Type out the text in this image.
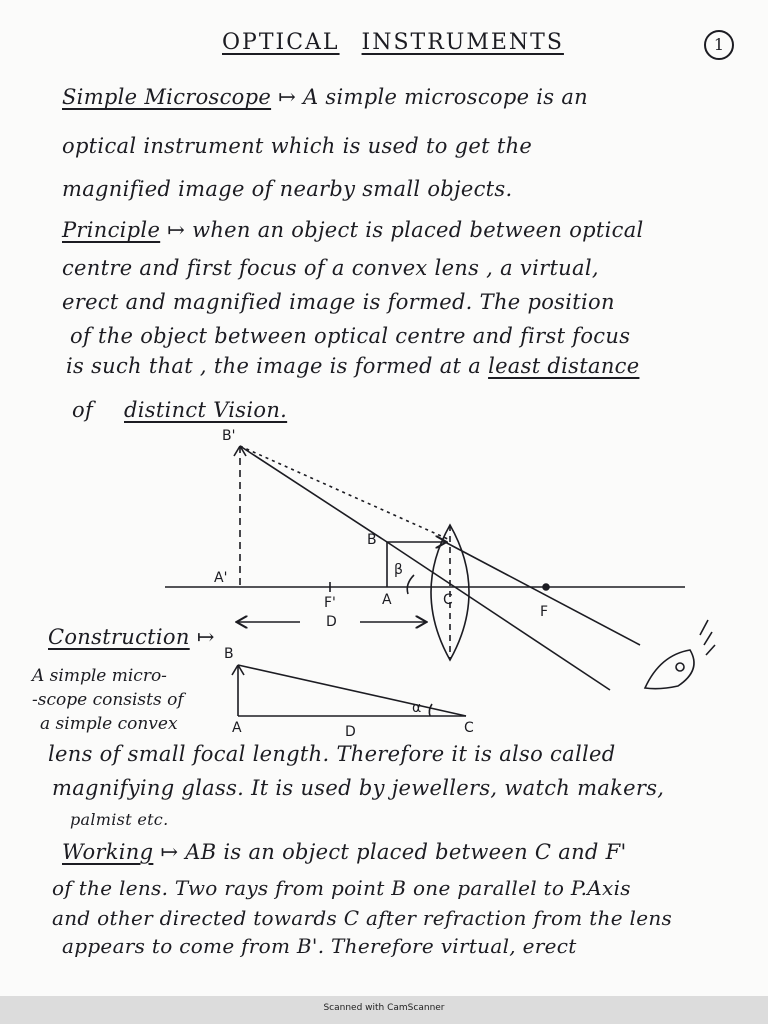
OPTICAL INSTRUMENTS	1
Simple Microscope ↦ A simple microscope is an
optical instrument which is used to get the
magnified image of nearby small objects.
Principle ↦ when an object is placed between optical
centre and first focus of a convex lens , a virtual,
erect and magnified image is formed. The position
of the object between optical centre and first focus
is such that , the image is formed at a least distance
of distinct Vision.
B'
A'
B
A
β
C
F'
F
D
B
A	C
D
α
Construction ↦
A simple micro-
-scope consists of
a simple convex
lens of small focal length. Therefore it is also called
magnifying glass. It is used by jewellers, watch makers,
palmist etc.
Working ↦ AB is an object placed between C and F'
of the lens. Two rays from point B one parallel to P.Axis
and other directed towards C after refraction from the lens
appears to come from B'. Therefore virtual, erect
Scanned with CamScanner
